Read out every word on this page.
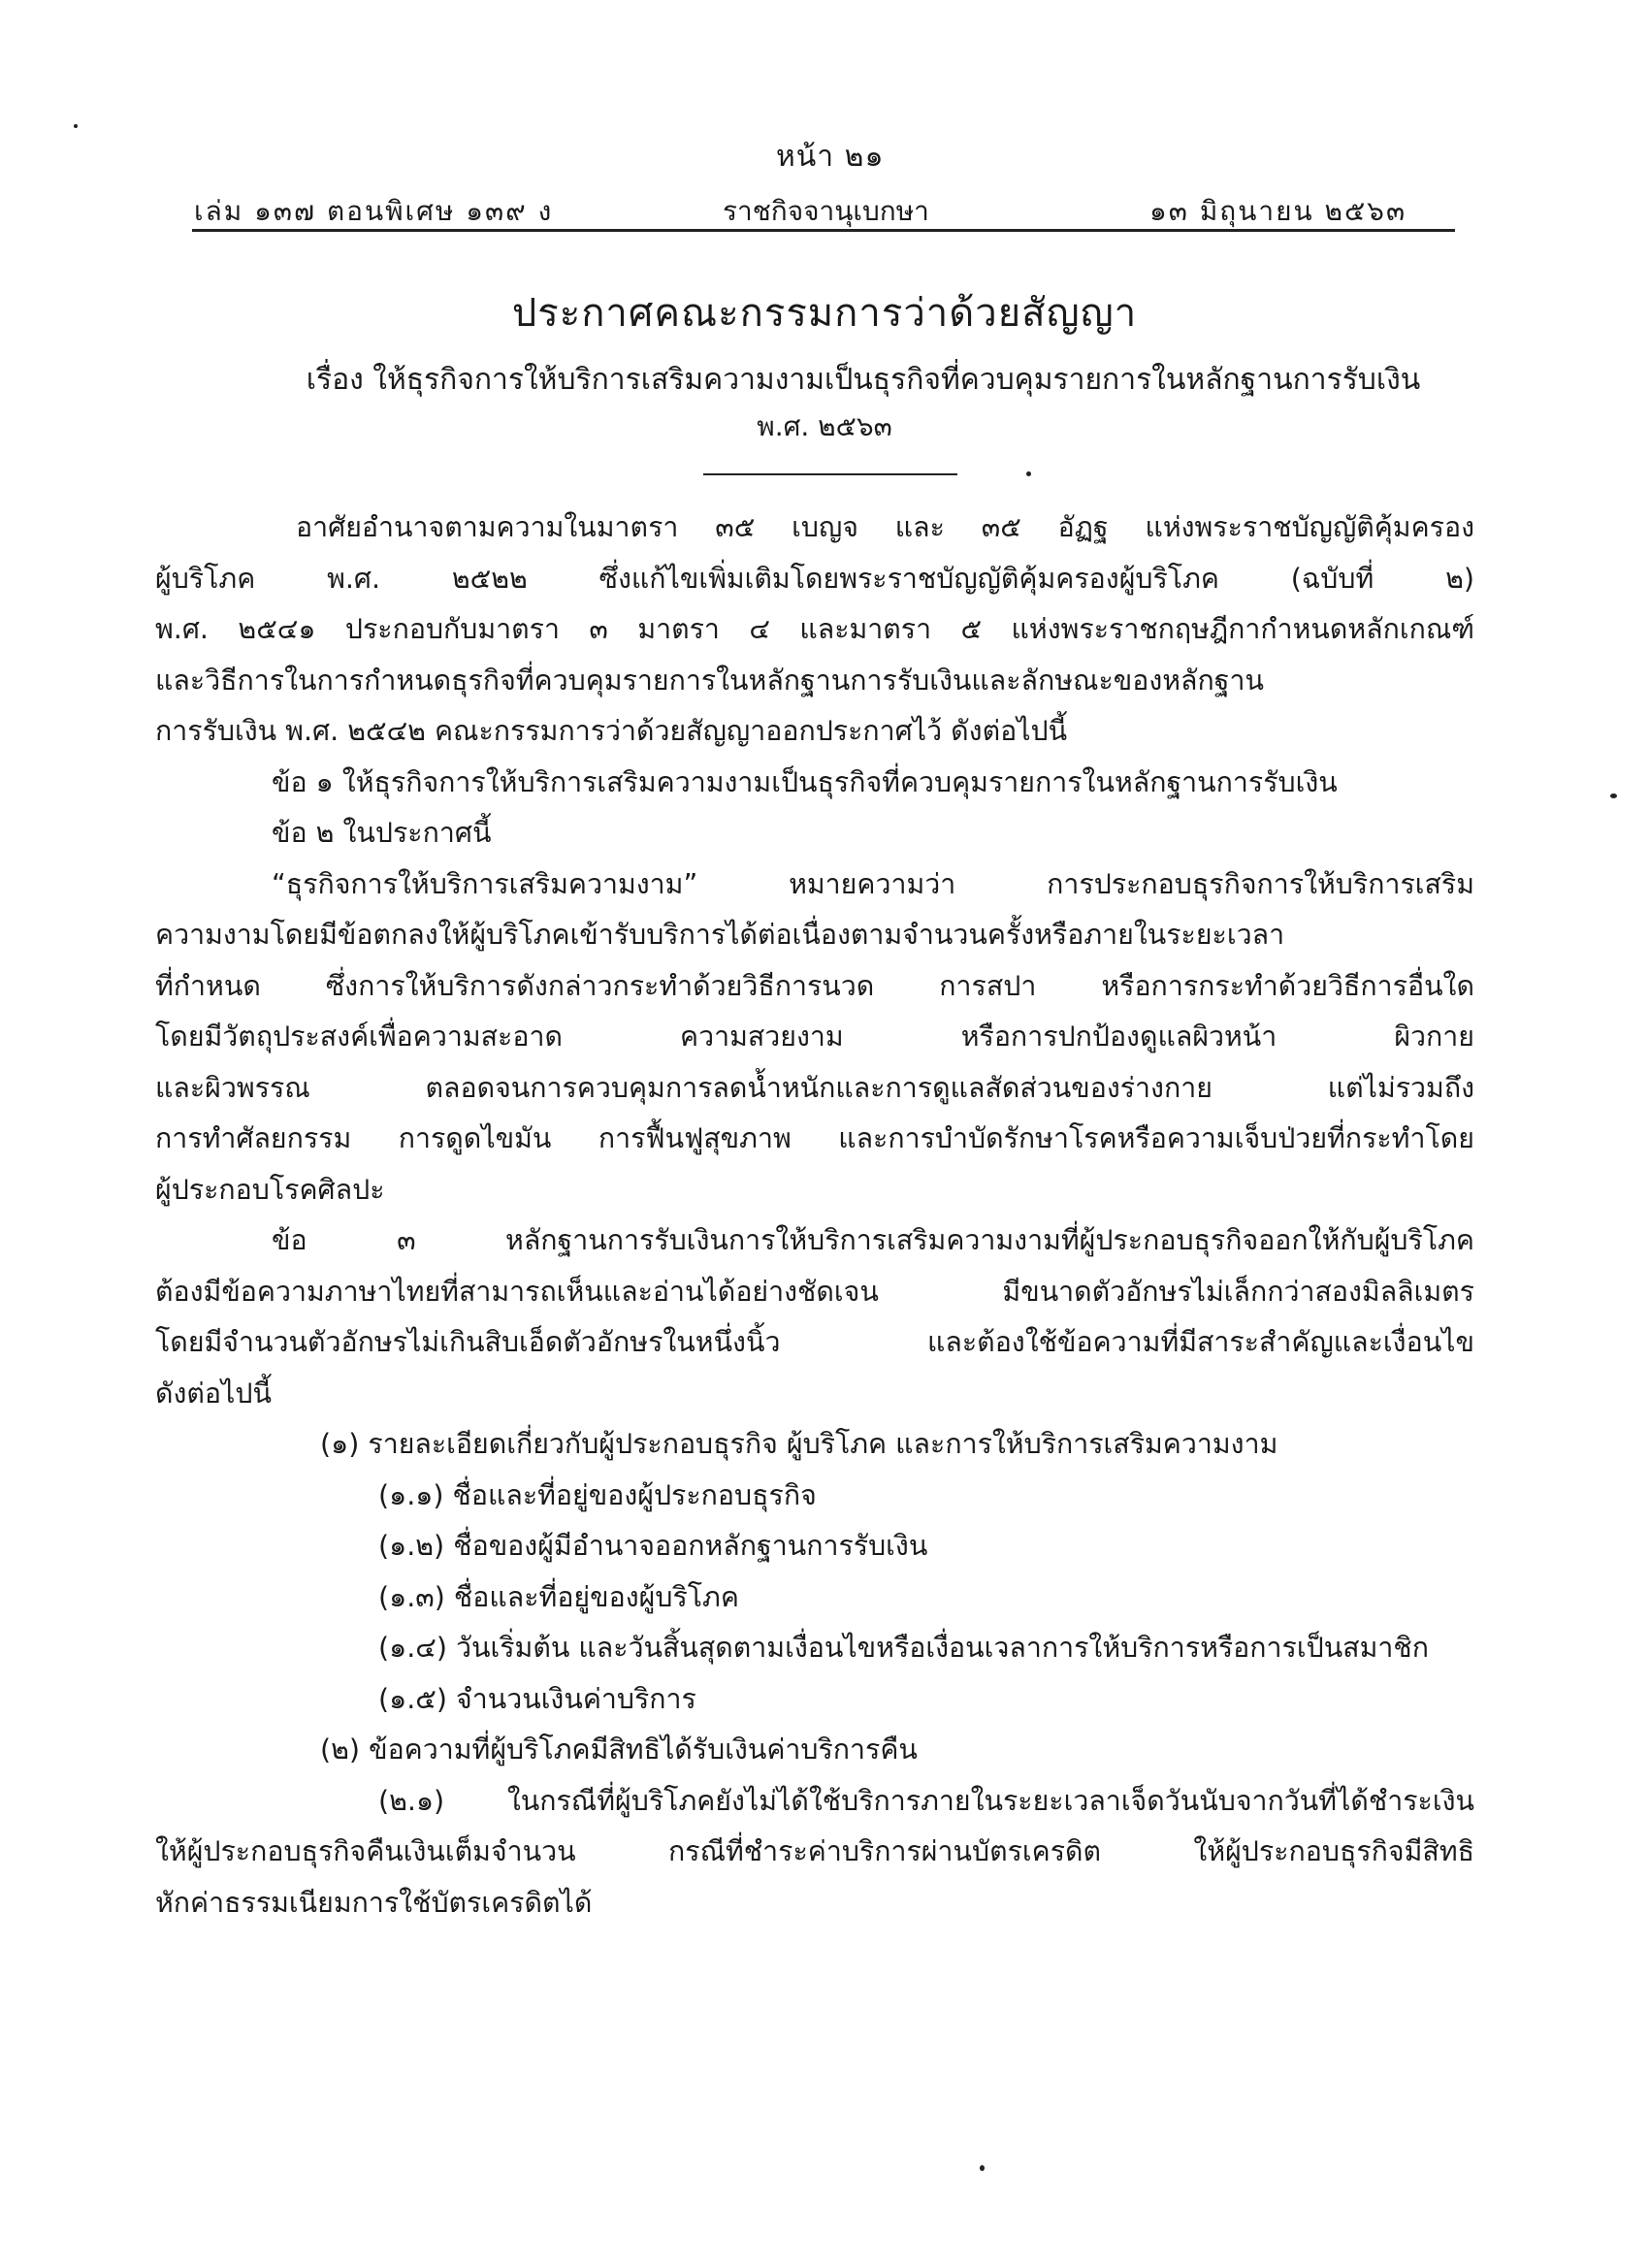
หน้า ๒๑
เล่ม ๑๓๗ ตอนพิเศษ ๑๓๙ ง	ราชกิจจานุเบกษา	๑๓ มิถุนายน ๒๕๖๓
ประกาศคณะกรรมการว่าด้วยสัญญา
เรื่อง ให้ธุรกิจการให้บริการเสริมความงามเป็นธุรกิจที่ควบคุมรายการในหลักฐานการรับเงิน
พ.ศ. ๒๕๖๓
อาศัยอำนาจตามความในมาตรา ๓๕ เบญจ และ ๓๕ อัฏฐ แห่งพระราชบัญญัติคุ้มครอง
ผู้บริโภค พ.ศ. ๒๕๒๒ ซึ่งแก้ไขเพิ่มเติมโดยพระราชบัญญัติคุ้มครองผู้บริโภค (ฉบับที่ ๒)
พ.ศ. ๒๕๔๑ ประกอบกับมาตรา ๓ มาตรา ๔ และมาตรา ๕ แห่งพระราชกฤษฎีกากำหนดหลักเกณฑ์
และวิธีการในการกำหนดธุรกิจที่ควบคุมรายการในหลักฐานการรับเงินและลักษณะของหลักฐาน
การรับเงิน พ.ศ. ๒๕๔๒ คณะกรรมการว่าด้วยสัญญาออกประกาศไว้ ดังต่อไปนี้
ข้อ ๑ ให้ธุรกิจการให้บริการเสริมความงามเป็นธุรกิจที่ควบคุมรายการในหลักฐานการรับเงิน
ข้อ ๒ ในประกาศนี้
“ธุรกิจการให้บริการเสริมความงาม” หมายความว่า การประกอบธุรกิจการให้บริการเสริม
ความงามโดยมีข้อตกลงให้ผู้บริโภคเข้ารับบริการได้ต่อเนื่องตามจำนวนครั้งหรือภายในระยะเวลา
ที่กำหนด ซึ่งการให้บริการดังกล่าวกระทำด้วยวิธีการนวด การสปา หรือการกระทำด้วยวิธีการอื่นใด
โดยมีวัตถุประสงค์เพื่อความสะอาด ความสวยงาม หรือการปกป้องดูแลผิวหน้า ผิวกาย
และผิวพรรณ ตลอดจนการควบคุมการลดน้ำหนักและการดูแลสัดส่วนของร่างกาย แต่ไม่รวมถึง
การทำศัลยกรรม การดูดไขมัน การฟื้นฟูสุขภาพ และการบำบัดรักษาโรคหรือความเจ็บป่วยที่กระทำโดย
ผู้ประกอบโรคศิลปะ
ข้อ ๓ หลักฐานการรับเงินการให้บริการเสริมความงามที่ผู้ประกอบธุรกิจออกให้กับผู้บริโภค
ต้องมีข้อความภาษาไทยที่สามารถเห็นและอ่านได้อย่างชัดเจน มีขนาดตัวอักษรไม่เล็กกว่าสองมิลลิเมตร
โดยมีจำนวนตัวอักษรไม่เกินสิบเอ็ดตัวอักษรในหนึ่งนิ้ว และต้องใช้ข้อความที่มีสาระสำคัญและเงื่อนไข
ดังต่อไปนี้
(๑) รายละเอียดเกี่ยวกับผู้ประกอบธุรกิจ ผู้บริโภค และการให้บริการเสริมความงาม
(๑.๑) ชื่อและที่อยู่ของผู้ประกอบธุรกิจ
(๑.๒) ชื่อของผู้มีอำนาจออกหลักฐานการรับเงิน
(๑.๓) ชื่อและที่อยู่ของผู้บริโภค
(๑.๔) วันเริ่มต้น และวันสิ้นสุดตามเงื่อนไขหรือเงื่อนเวลาการให้บริการหรือการเป็นสมาชิก
(๑.๕) จำนวนเงินค่าบริการ
(๒) ข้อความที่ผู้บริโภคมีสิทธิได้รับเงินค่าบริการคืน
(๒.๑) ในกรณีที่ผู้บริโภคยังไม่ได้ใช้บริการภายในระยะเวลาเจ็ดวันนับจากวันที่ได้ชำระเงิน
ให้ผู้ประกอบธุรกิจคืนเงินเต็มจำนวน กรณีที่ชำระค่าบริการผ่านบัตรเครดิต ให้ผู้ประกอบธุรกิจมีสิทธิ
หักค่าธรรมเนียมการใช้บัตรเครดิตได้
